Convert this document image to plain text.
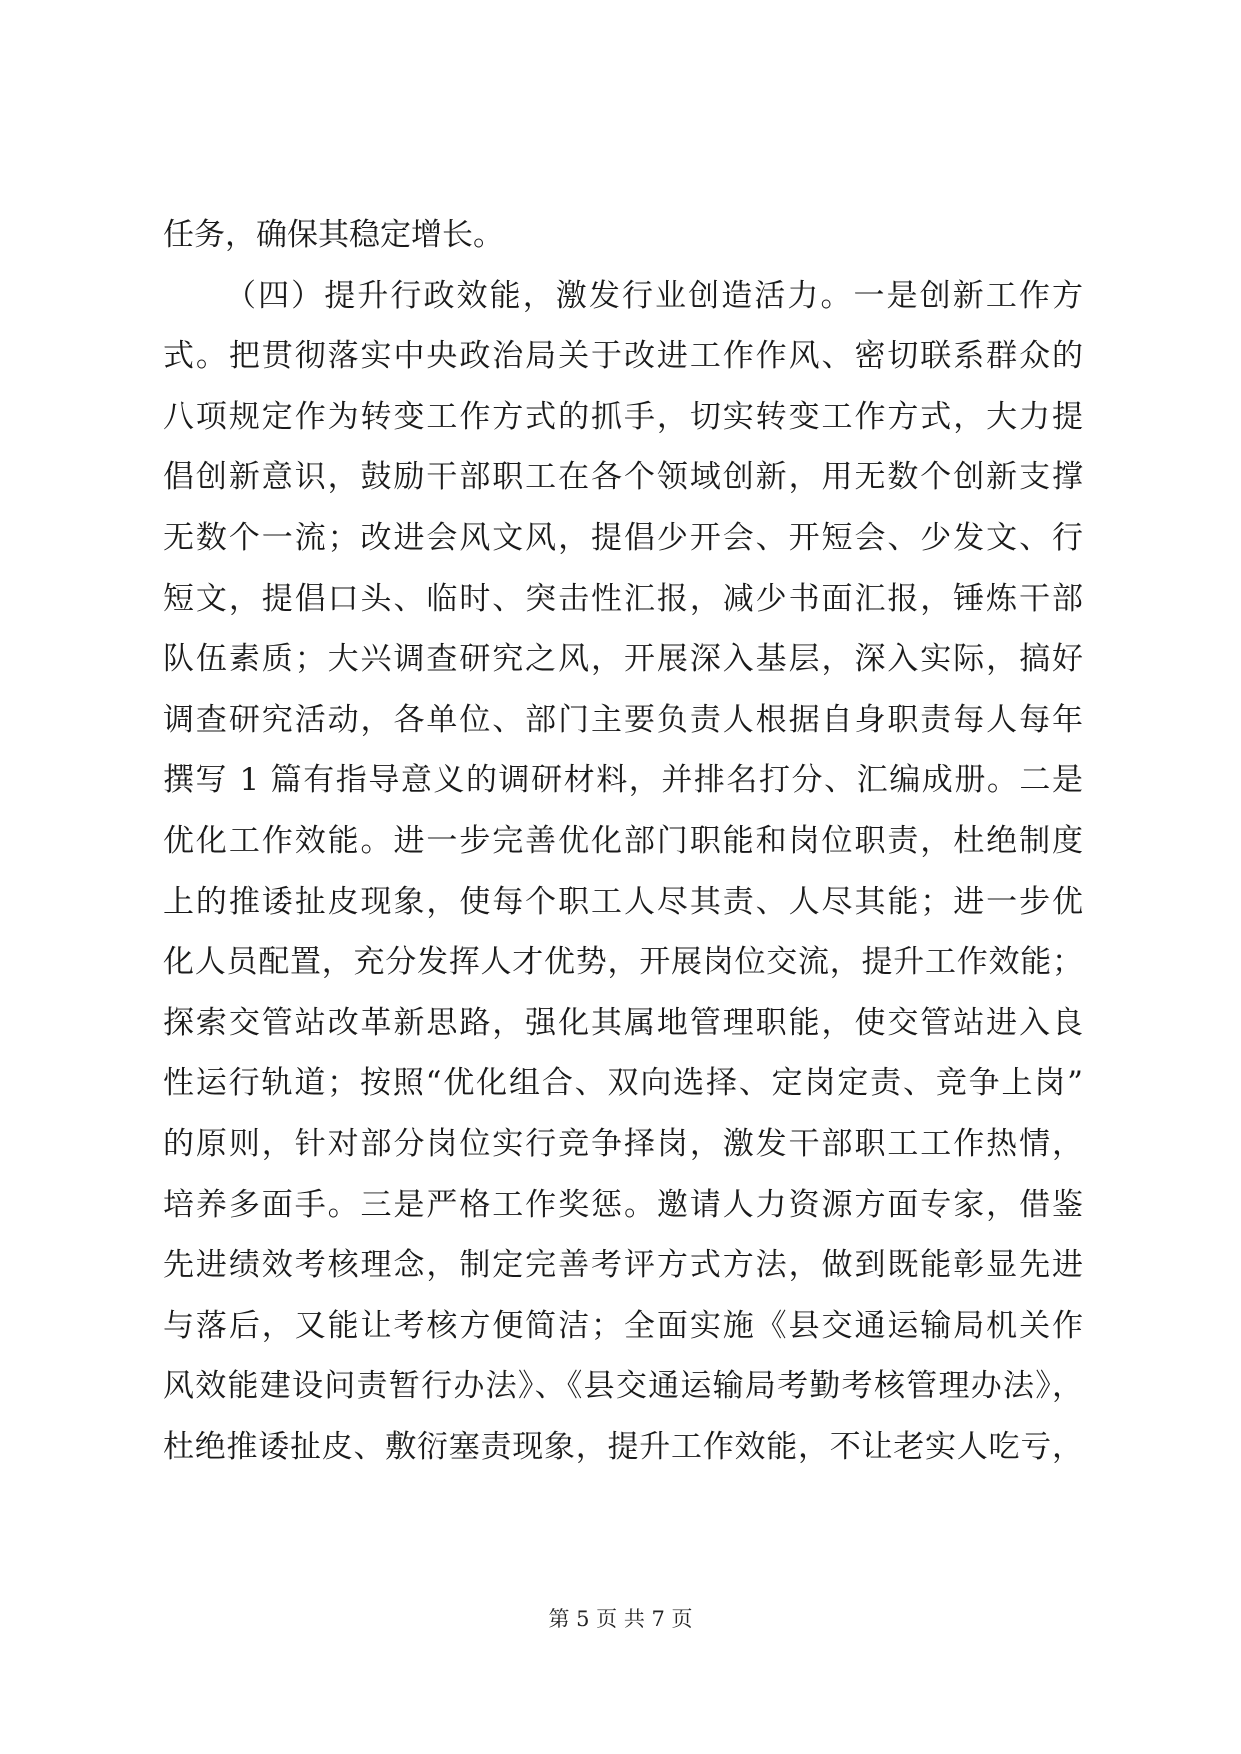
任务，确保其稳定增长。
（四）提升行政效能，激发行业创造活力。一是创新工作方
式。把贯彻落实中央政治局关于改进工作作风、密切联系群众的
八项规定作为转变工作方式的抓手，切实转变工作方式，大力提
倡创新意识，鼓励干部职工在各个领域创新，用无数个创新支撑
无数个一流；改进会风文风，提倡少开会、开短会、少发文、行
短文，提倡口头、临时、突击性汇报，减少书面汇报，锤炼干部
队伍素质；大兴调查研究之风，开展深入基层，深入实际，搞好
调查研究活动，各单位、部门主要负责人根据自身职责每人每年
撰写 1 篇有指导意义的调研材料，并排名打分、汇编成册。二是
优化工作效能。进一步完善优化部门职能和岗位职责，杜绝制度
上的推诿扯皮现象，使每个职工人尽其责、人尽其能；进一步优
化人员配置，充分发挥人才优势，开展岗位交流，提升工作效能；
探索交管站改革新思路，强化其属地管理职能，使交管站进入良
性运行轨道；按照“优化组合、双向选择、定岗定责、竞争上岗”
的原则，针对部分岗位实行竞争择岗，激发干部职工工作热情，
培养多面手。三是严格工作奖惩。邀请人力资源方面专家，借鉴
先进绩效考核理念，制定完善考评方式方法，做到既能彰显先进
与落后，又能让考核方便简洁；全面实施《县交通运输局机关作
风效能建设问责暂行办法》、《县交通运输局考勤考核管理办法》，
杜绝推诿扯皮、敷衍塞责现象，提升工作效能，不让老实人吃亏，
第 5 页 共 7 页
